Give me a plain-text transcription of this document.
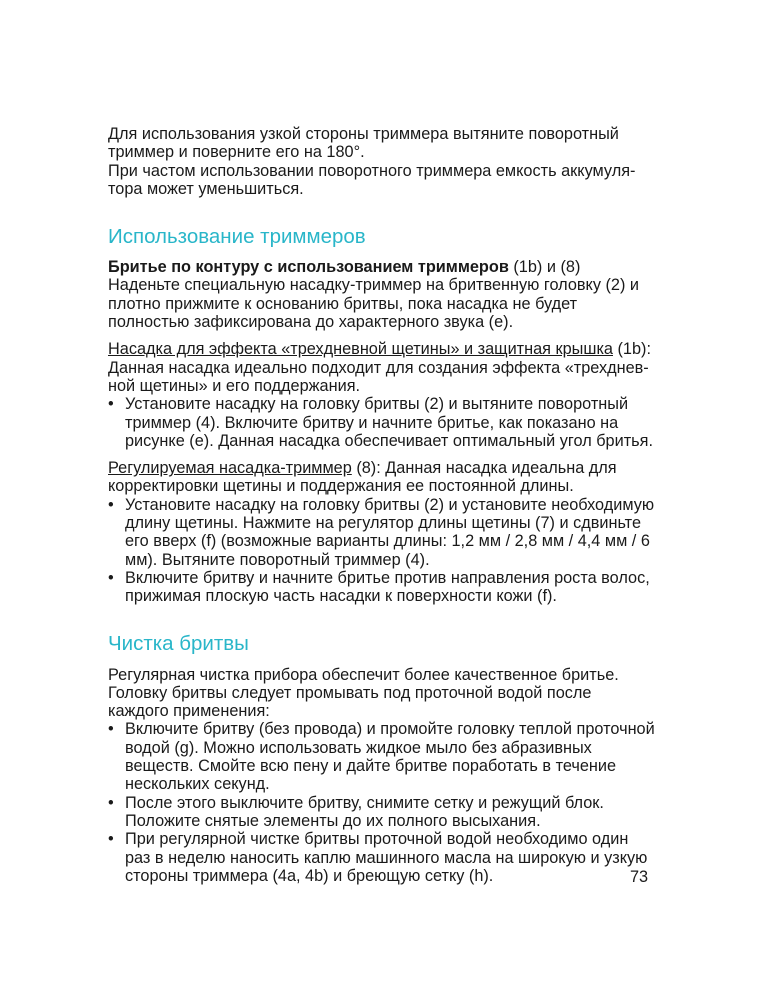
Для использования узкой стороны триммера вытяните поворотный триммер и поверните его на 180°.

При частом использовании поворотного триммера емкость аккумуля-тора может уменьшиться.

Использование триммеров

Бритье по контуру с использованием триммеров (1b) и (8)

Наденьте специальную насадку-триммер на бритвенную головку (2) и плотно прижмите к основанию бритвы, пока насадка не будет полностью зафиксирована до характерного звука (e).

Насадка для эффекта «трехдневной щетины» и защитная крышка (1b): Данная насадка идеально подходит для создания эффекта «трехднев-ной щетины» и его поддержания.

• Установите насадку на головку бритвы (2) и вытяните поворотный триммер (4). Включите бритву и начните бритье, как показано на рисунке (e). Данная насадка обеспечивает оптимальный угол бритья.

Регулируемая насадка-триммер (8): Данная насадка идеальна для корректировки щетины и поддержания ее постоянной длины.

• Установите насадку на головку бритвы (2) и установите необходимую длину щетины. Нажмите на регулятор длины щетины (7) и сдвиньте его вверх (f) (возможные варианты длины: 1,2 мм / 2,8 мм / 4,4 мм / 6 мм). Вытяните поворотный триммер (4).
• Включите бритву и начните бритье против направления роста волос, прижимая плоскую часть насадки к поверхности кожи (f).
Чистка бритвы

Регулярная чистка прибора обеспечит более качественное бритье. Головку бритвы следует промывать под проточной водой после каждого применения:

• Включите бритву (без провода) и промойте головку теплой проточной водой (g). Можно использовать жидкое мыло без абразивных веществ. Смойте всю пену и дайте бритве поработать в течение нескольких секунд.
• После этого выключите бритву, снимите сетку и режущий блок. Положите снятые элементы до их полного высыхания.
• При регулярной чистке бритвы проточной водой необходимо один раз в неделю наносить каплю машинного масла на широкую и узкую стороны триммера (4a, 4b) и бреющую сетку (h).	73
